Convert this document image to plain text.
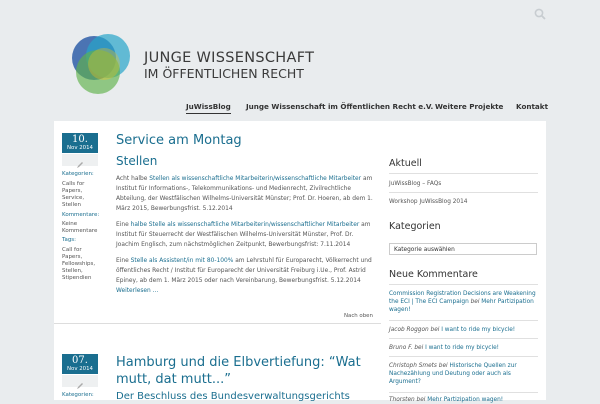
JUNGE WISSENSCHAFT
IM ÖFFENTLICHEN RECHT
JuWissBlog Junge Wissenschaft im Öffentlichen Recht e.V. Weitere Projekte Kontakt
10.
Nov 2014
Kategorien:
Calls for Papers, Service, Stellen
Kommentare:
Keine Kommentare
Tags:
Call for Papers, Fellowships, Stellen, Stipendien
Service am Montag
Stellen

Acht halbe Stellen als wissenschaftliche Mitarbeiterin/wissenschaftliche Mitarbeiter am Institut für Informations-, Telekommunikations- und Medienrecht, Zivilrechtliche Abteilung, der Westfälischen Wilhelms-Universität Münster; Prof. Dr. Hoeren, ab dem 1. März 2015, Bewerbungsfrist. 5.12.2014

Eine halbe Stelle als wissenschaftliche Mitarbeiterin/wissenschaftlicher Mitarbeiter am Institut für Steuerrecht der Westfälischen Wilhelms-Universität Münster, Prof. Dr. Joachim Englisch, zum nächstmöglichen Zeitpunkt, Bewerbungsfrist: 7.11.2014

Eine Stelle als Assistent/in mit 80-100% am Lehrstuhl für Europarecht, Völkerrecht und öffentliches Recht / Institut für Europarecht der Universität Freiburg i.Ue., Prof. Astrid Epiney, ab dem 1. März 2015 oder nach Vereinbarung, Bewerbungsfrist. 5.12.2014 Weiterlesen ...

Nach oben
07.
Nov 2014
Kategorien:
Hamburg und die Elbvertiefung: “Wat
mutt, dat mutt...”
Der Beschluss des Bundesverwaltungsgerichts
Aktuell
JuWissBlog – FAQs
Workshop JuWissBlog 2014
Kategorien
Kategorie auswählen
Neue Kommentare
Commission Registration Decisions are Weakening the ECI | The ECI Campaign bei Mehr Partizipation wagen!
Jacob Roggon bei I want to ride my bicycle!
Bruno F. bei I want to ride my bicycle!
Christoph Smets bei Historische Quellen zur Nachezählung und Deutung oder auch als Argument?
Thorsten bei Mehr Partizipation wagen!
